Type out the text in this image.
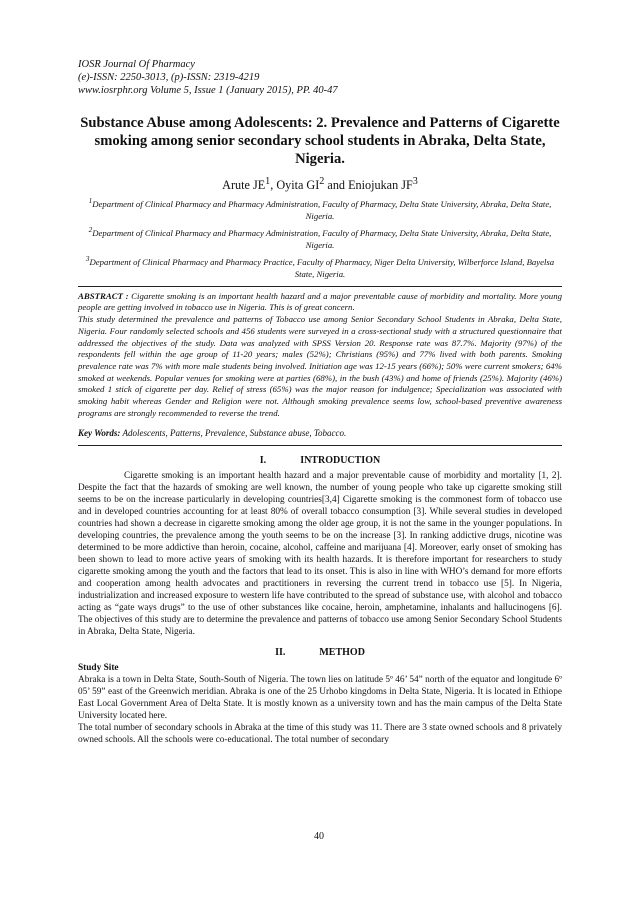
IOSR Journal Of Pharmacy
(e)-ISSN: 2250-3013, (p)-ISSN: 2319-4219
www.iosrphr.org Volume 5, Issue 1 (January 2015), PP. 40-47
Substance Abuse among Adolescents: 2. Prevalence and Patterns of Cigarette smoking among senior secondary school students in Abraka, Delta State, Nigeria.
Arute $JE^1$, Oyita $GI^2$ and Eniojukan $JF^3$
$^1$Department of Clinical Pharmacy and Pharmacy Administration, Faculty of Pharmacy, Delta State University, Abraka, Delta State, Nigeria.
$^2$Department of Clinical Pharmacy and Pharmacy Administration, Faculty of Pharmacy, Delta State University, Abraka, Delta State, Nigeria.
$^3$Department of Clinical Pharmacy and Pharmacy Practice, Faculty of Pharmacy, Niger Delta University, Wilberforce Island, Bayelsa State, Nigeria.

ABSTRACT : Cigarette smoking is an important health hazard and a major preventable cause of morbidity and mortality. More young people are getting involved in tobacco use in Nigeria. This is of great concern.

This study determined the prevalence and patterns of Tobacco use among Senior Secondary School Students in Abraka, Delta State, Nigeria. Four randomly selected schools and 456 students were surveyed in a cross-sectional study with a structured questionnaire that addressed the objectives of the study. Data was analyzed with SPSS Version 20. Response rate was 87.7%. Majority (97%) of the respondents fell within the age group of 11-20 years; males (52%); Christians (95%) and 77% lived with both parents. Smoking prevalence rate was 7% with more male students being involved. Initiation age was 12-15 years (66%); 50% were current smokers; 64% smoked at weekends. Popular venues for smoking were at parties (68%), in the bush (43%) and home of friends (25%). Majority (46%) smoked 1 stick of cigarette per day. Relief of stress (65%) was the major reason for indulgence; Specialization was associated with smoking habit whereas Gender and Religion were not. Although smoking prevalence seems low, school-based preventive awareness programs are strongly recommended to reverse the trend.

Key Words: Adolescents, Patterns, Prevalence, Substance abuse, Tobacco.
I.	INTRODUCTION

Cigarette smoking is an important health hazard and a major preventable cause of morbidity and mortality [1, 2]. Despite the fact that the hazards of smoking are well known, the number of young people who take up cigarette smoking still seems to be on the increase particularly in developing countries[3,4] Cigarette smoking is the commonest form of tobacco use and in developed countries accounting for at least 80% of overall tobacco consumption [3]. While several studies in developed countries had shown a decrease in cigarette smoking among the older age group, it is not the same in the younger populations. In developing countries, the prevalence among the youth seems to be on the increase [3]. In ranking addictive drugs, nicotine was determined to be more addictive than heroin, cocaine, alcohol, caffeine and marijuana [4]. Moreover, early onset of smoking has been shown to lead to more active years of smoking with its health hazards. It is therefore important for researchers to study cigarette smoking among the youth and the factors that lead to its onset. This is also in line with WHO’s demand for more efforts and cooperation among health advocates and practitioners in reversing the current trend in tobacco use [5]. In Nigeria, industrialization and increased exposure to western life have contributed to the spread of substance use, with alcohol and tobacco acting as “gate ways drugs” to the use of other substances like cocaine, heroin, amphetamine, inhalants and hallucinogens [6]. The objectives of this study are to determine the prevalence and patterns of tobacco use among Senior Secondary School Students in Abraka, Delta State, Nigeria.

II.	METHOD
Study Site

Abraka is a town in Delta State, South-South of Nigeria. The town lies on latitude 5º 46’ 54” north of the equator and longitude 6º 05’ 59” east of the Greenwich meridian. Abraka is one of the 25 Urhobo kingdoms in Delta State, Nigeria. It is located in Ethiope East Local Government Area of Delta State. It is mostly known as a university town and has the main campus of the Delta State University located here.

The total number of secondary schools in Abraka at the time of this study was 11. There are 3 state owned schools and 8 privately owned schools. All the schools were co-educational. The total number of secondary

40
